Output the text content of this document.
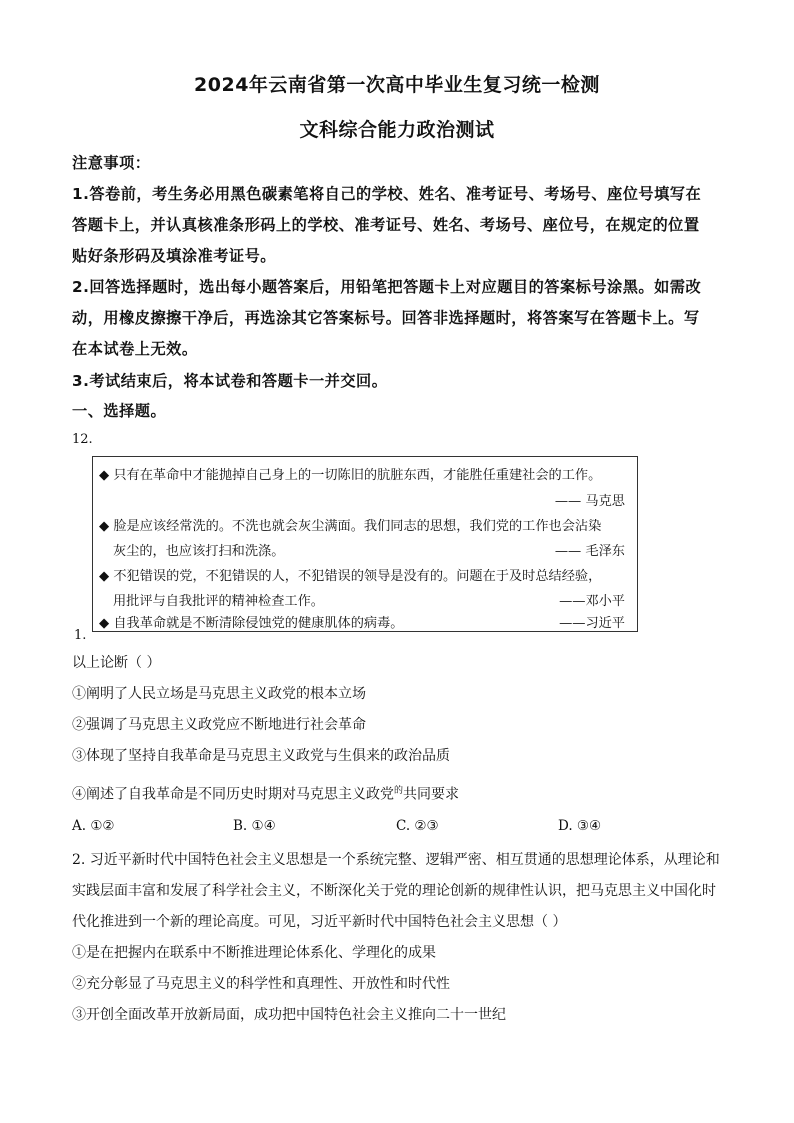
2024年云南省第一次高中毕业生复习统一检测
文科综合能力政治测试
注意事项：
1.答卷前，考生务必用黑色碳素笔将自己的学校、姓名、准考证号、考场号、座位号填写在
答题卡上，并认真核准条形码上的学校、准考证号、姓名、考场号、座位号，在规定的位置
贴好条形码及填涂准考证号。
2.回答选择题时，选出每小题答案后，用铅笔把答题卡上对应题目的答案标号涂黑。如需改
动，用橡皮擦擦干净后，再选涂其它答案标号。回答非选择题时，将答案写在答题卡上。写
在本试卷上无效。
3.考试结束后，将本试卷和答题卡一并交回。
一、选择题。
12.
◆ 只有在革命中才能抛掉自己身上的一切陈旧的肮脏东西，才能胜任重建社会的工作。
—— 马克思
◆ 脸是应该经常洗的。不洗也就会灰尘满面。我们同志的思想，我们党的工作也会沾染
灰尘的，也应该打扫和洗涤。	—— 毛泽东
◆ 不犯错误的党，不犯错误的人，不犯错误的领导是没有的。问题在于及时总结经验，
用批评与自我批评的精神检查工作。	——邓小平
◆ 自我革命就是不断清除侵蚀党的健康肌体的病毒。	——习近平
1.
以上论断（ ）
①阐明了人民立场是马克思主义政党的根本立场
②强调了马克思主义政党应不断地进行社会革命
③体现了坚持自我革命是马克思主义政党与生俱来的政治品质
④阐述了自我革命是不同历史时期对马克思主义政党$^的$共同要求
A. ①②	B. ①④	C. ②③	D. ③④
2. 习近平新时代中国特色社会主义思想是一个系统完整、逻辑严密、相互贯通的思想理论体系，从理论和
实践层面丰富和发展了科学社会主义，不断深化关于党的理论创新的规律性认识，把马克思主义中国化时
代化推进到一个新的理论高度。可见，习近平新时代中国特色社会主义思想（ ）
①是在把握内在联系中不断推进理论体系化、学理化的成果
②充分彰显了马克思主义的科学性和真理性、开放性和时代性
③开创全面改革开放新局面，成功把中国特色社会主义推向二十一世纪
